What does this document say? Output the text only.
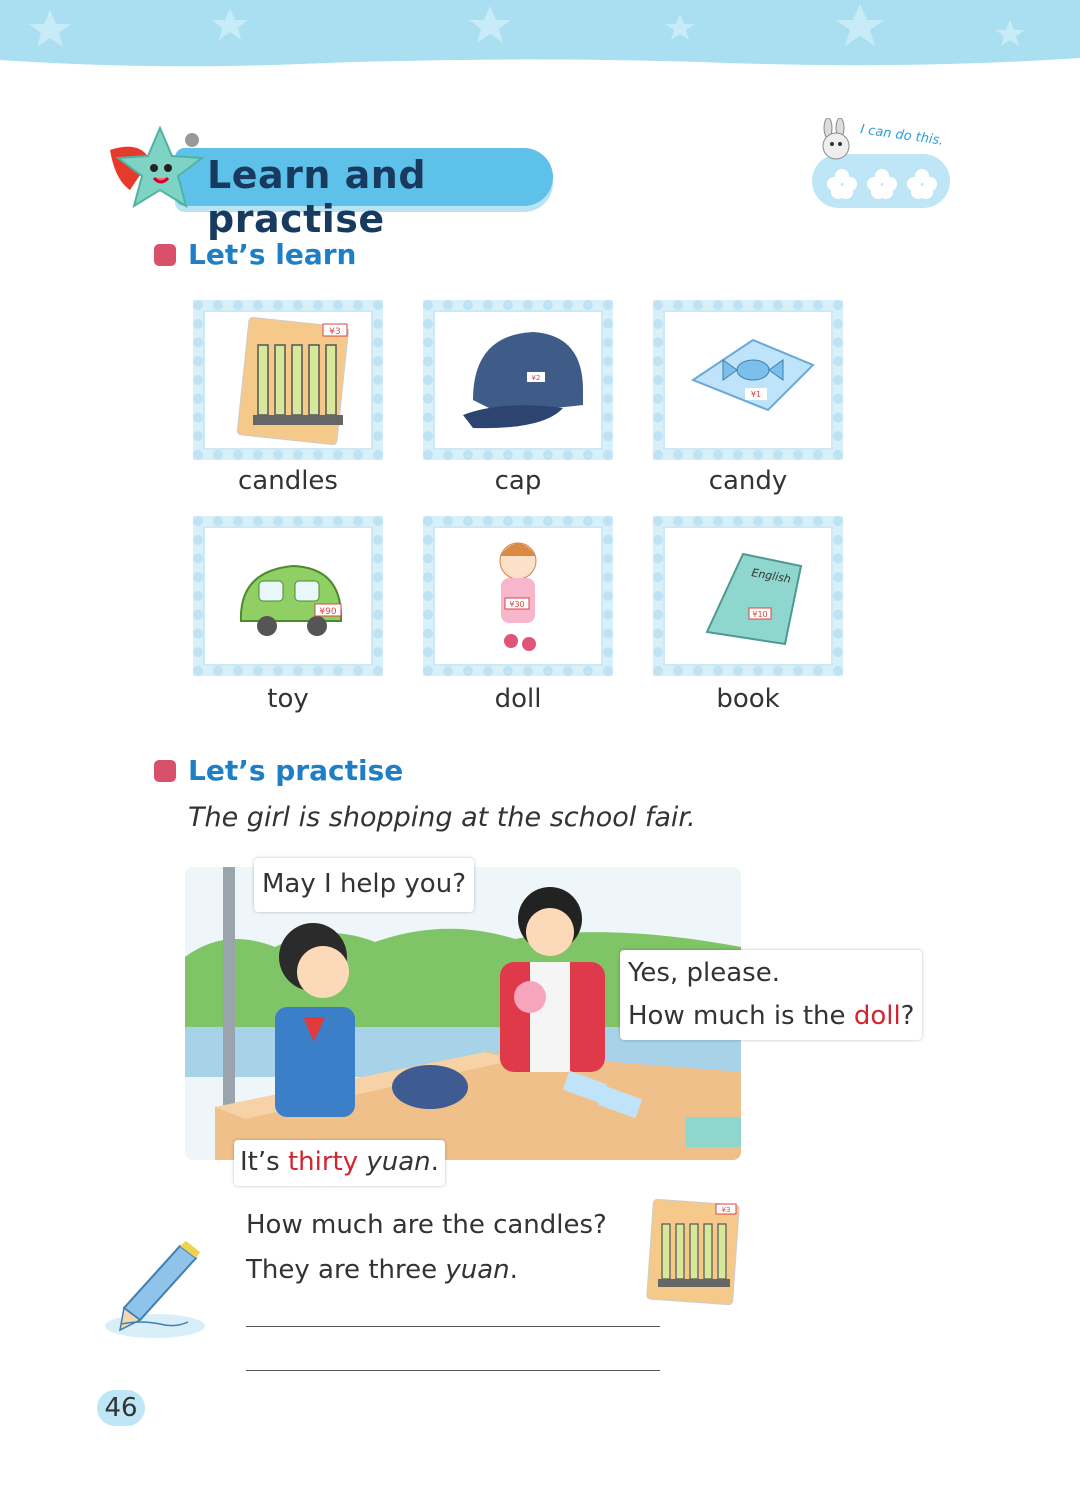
Learn and practise
I can do this.
Let’s learn
¥3
candles
¥2
cap
¥1
candy
¥90
toy
¥30
doll
English
¥10
book
Let’s practise
The girl is shopping at the school fair.
May I help you?
Yes, please.
How much is the doll?
It’s thirty yuan.
How much are the candles?
They are three yuan.
¥3
46
